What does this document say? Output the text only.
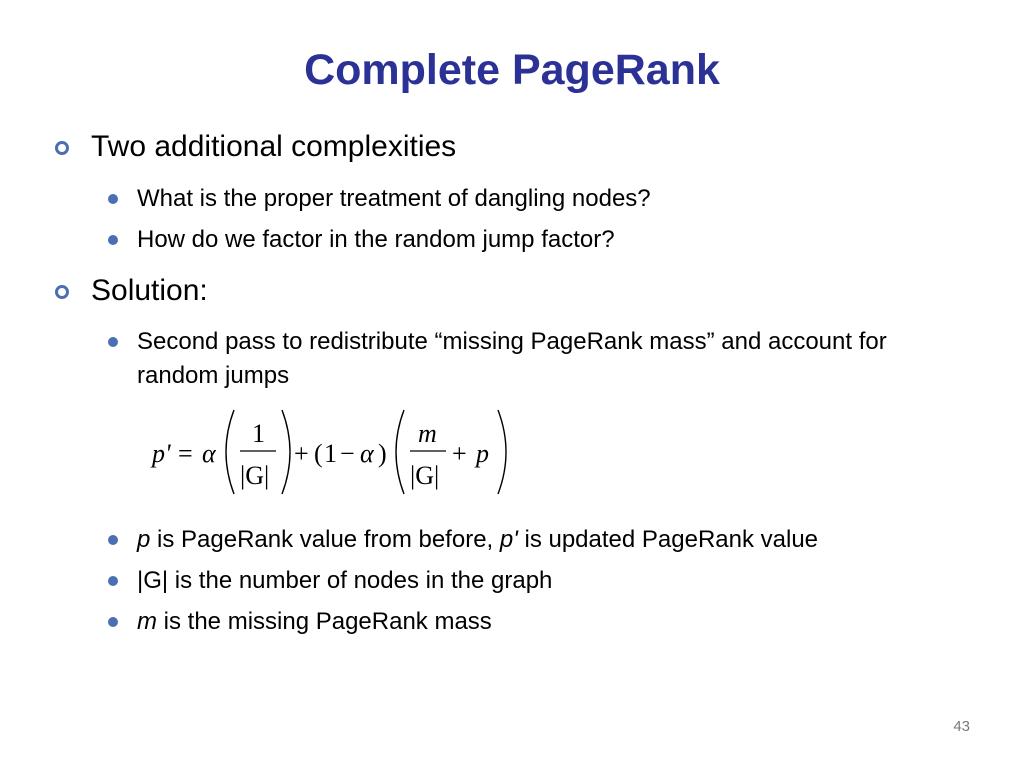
Complete PageRank
Two additional complexities
What is the proper treatment of dangling nodes?
How do we factor in the random jump factor?
Solution:
Second pass to redistribute “missing PageRank mass” and account for random jumps
p' = α
1
|G|
+ ( 1 − α )
m
|G|
+ p
p is PageRank value from before, p' is updated PageRank value
|G| is the number of nodes in the graph
m is the missing PageRank mass
43
